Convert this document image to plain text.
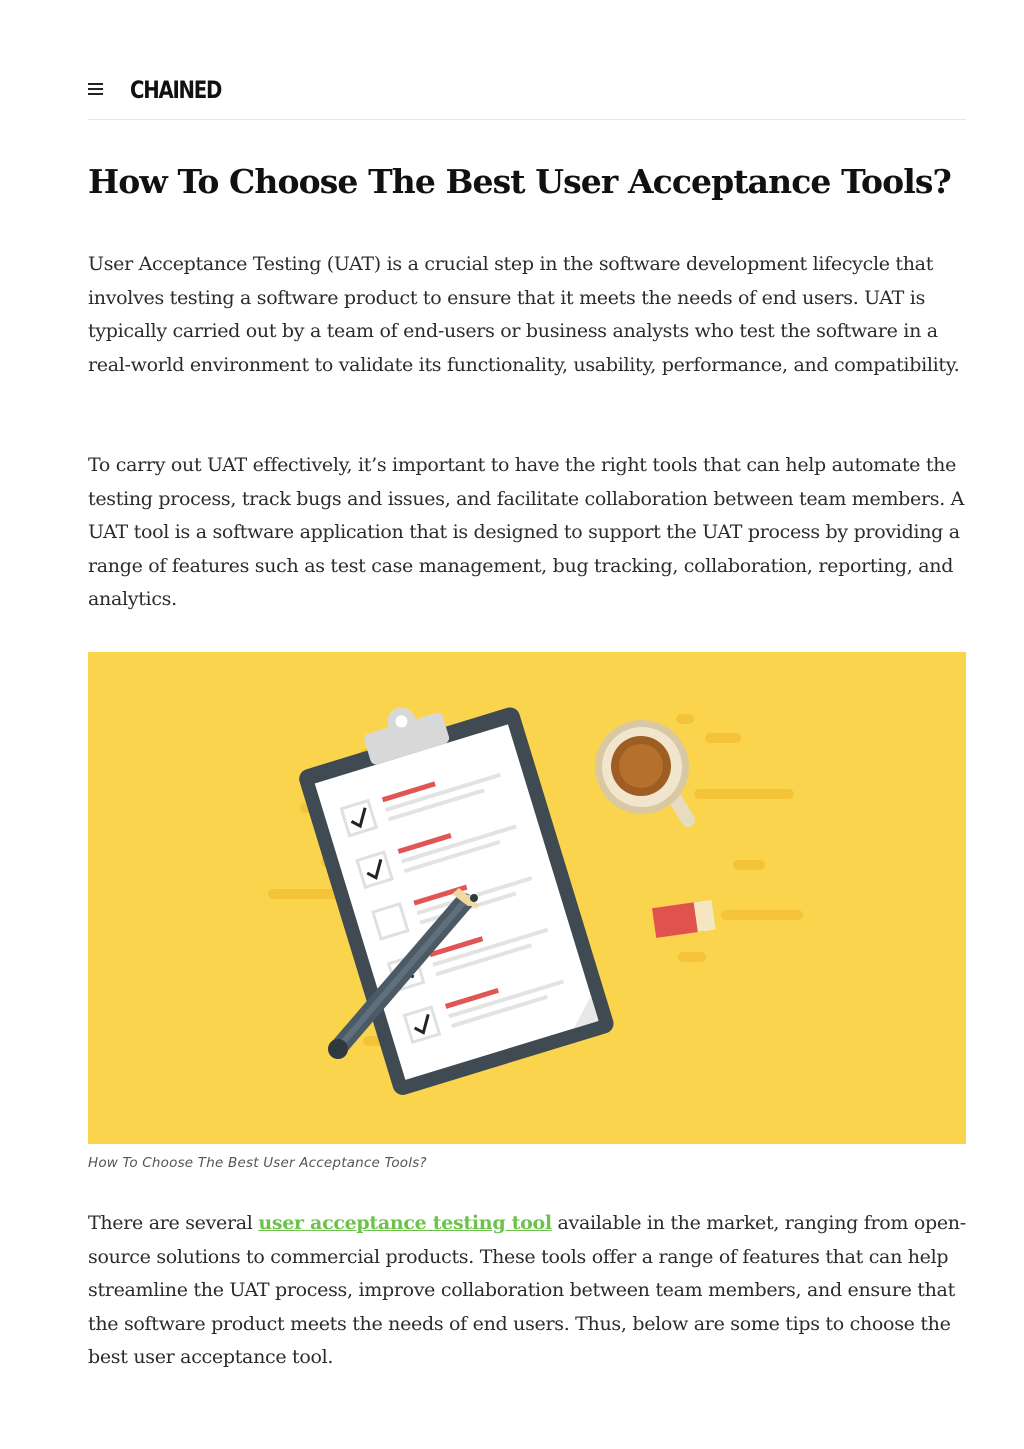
CHAINED
How To Choose The Best User Acceptance Tools?

User Acceptance Testing (UAT) is a crucial step in the software development lifecycle that involves testing a software product to ensure that it meets the needs of end users. UAT is typically carried out by a team of end-users or business analysts who test the software in a real-world environment to validate its functionality, usability, performance, and compatibility.

To carry out UAT effectively, it’s important to have the right tools that can help automate the testing process, track bugs and issues, and facilitate collaboration between team members. A UAT tool is a software application that is designed to support the UAT process by providing a range of features such as test case management, bug tracking, collaboration, reporting, and analytics.

How To Choose The Best User Acceptance Tools?

There are several user acceptance testing tool available in the market, ranging from open-source solutions to commercial products. These tools offer a range of features that can help streamline the UAT process, improve collaboration between team members, and ensure that the software product meets the needs of end users. Thus, below are some tips to choose the best user acceptance tool.
